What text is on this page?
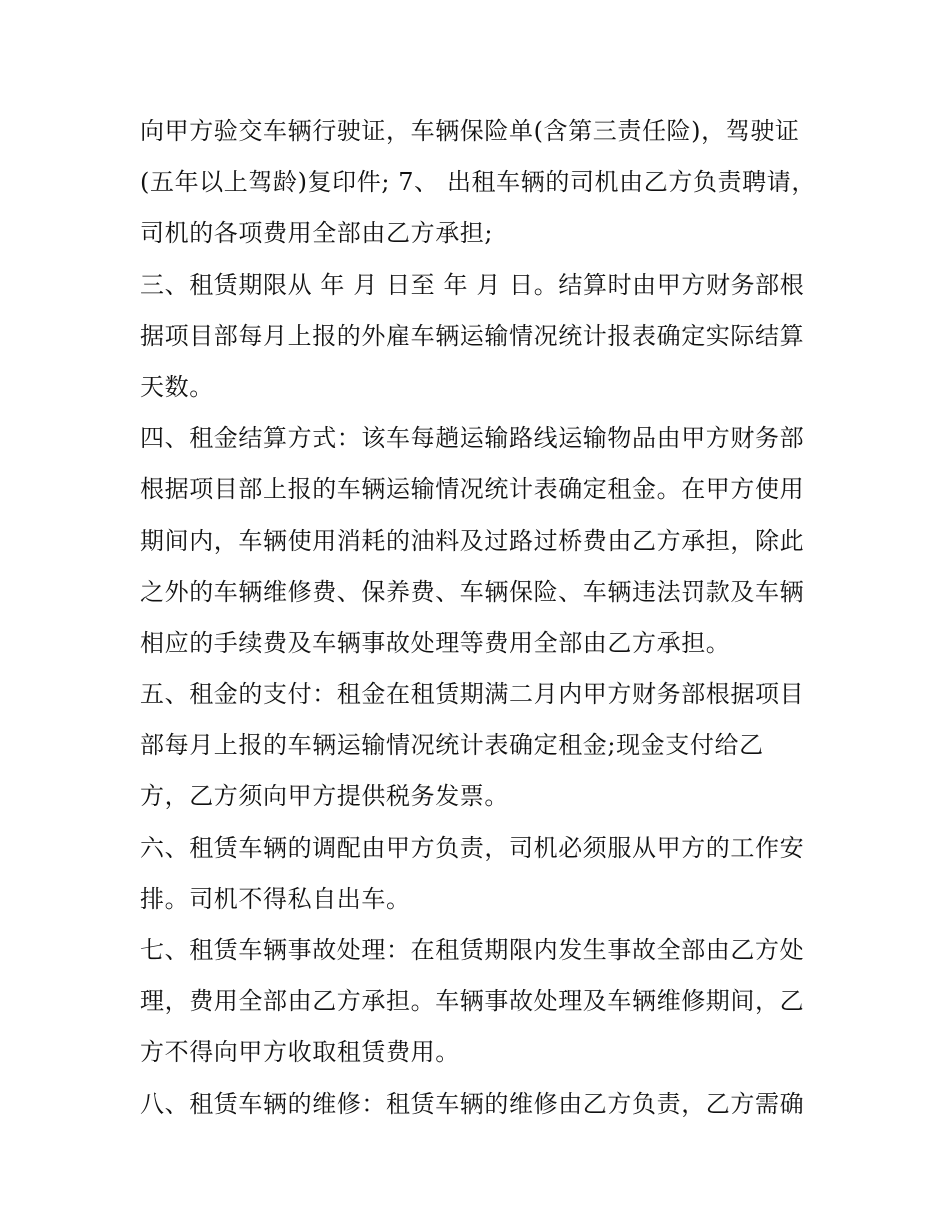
向甲方验交车辆行驶证，车辆保险单(含第三责任险)，驾驶证
(五年以上驾龄)复印件; 7、 出租车辆的司机由乙方负责聘请，
司机的各项费用全部由乙方承担;
三、租赁期限从 年 月 日至 年 月 日。结算时由甲方财务部根
据项目部每月上报的外雇车辆运输情况统计报表确定实际结算
天数。
四、租金结算方式：该车每趟运输路线运输物品由甲方财务部
根据项目部上报的车辆运输情况统计表确定租金。在甲方使用
期间内，车辆使用消耗的油料及过路过桥费由乙方承担，除此
之外的车辆维修费、保养费、车辆保险、车辆违法罚款及车辆
相应的手续费及车辆事故处理等费用全部由乙方承担。
五、租金的支付：租金在租赁期满二月内甲方财务部根据项目
部每月上报的车辆运输情况统计表确定租金;现金支付给乙
方，乙方须向甲方提供税务发票。
六、租赁车辆的调配由甲方负责，司机必须服从甲方的工作安
排。司机不得私自出车。
七、租赁车辆事故处理：在租赁期限内发生事故全部由乙方处
理，费用全部由乙方承担。车辆事故处理及车辆维修期间，乙
方不得向甲方收取租赁费用。
八、租赁车辆的维修：租赁车辆的维修由乙方负责，乙方需确
